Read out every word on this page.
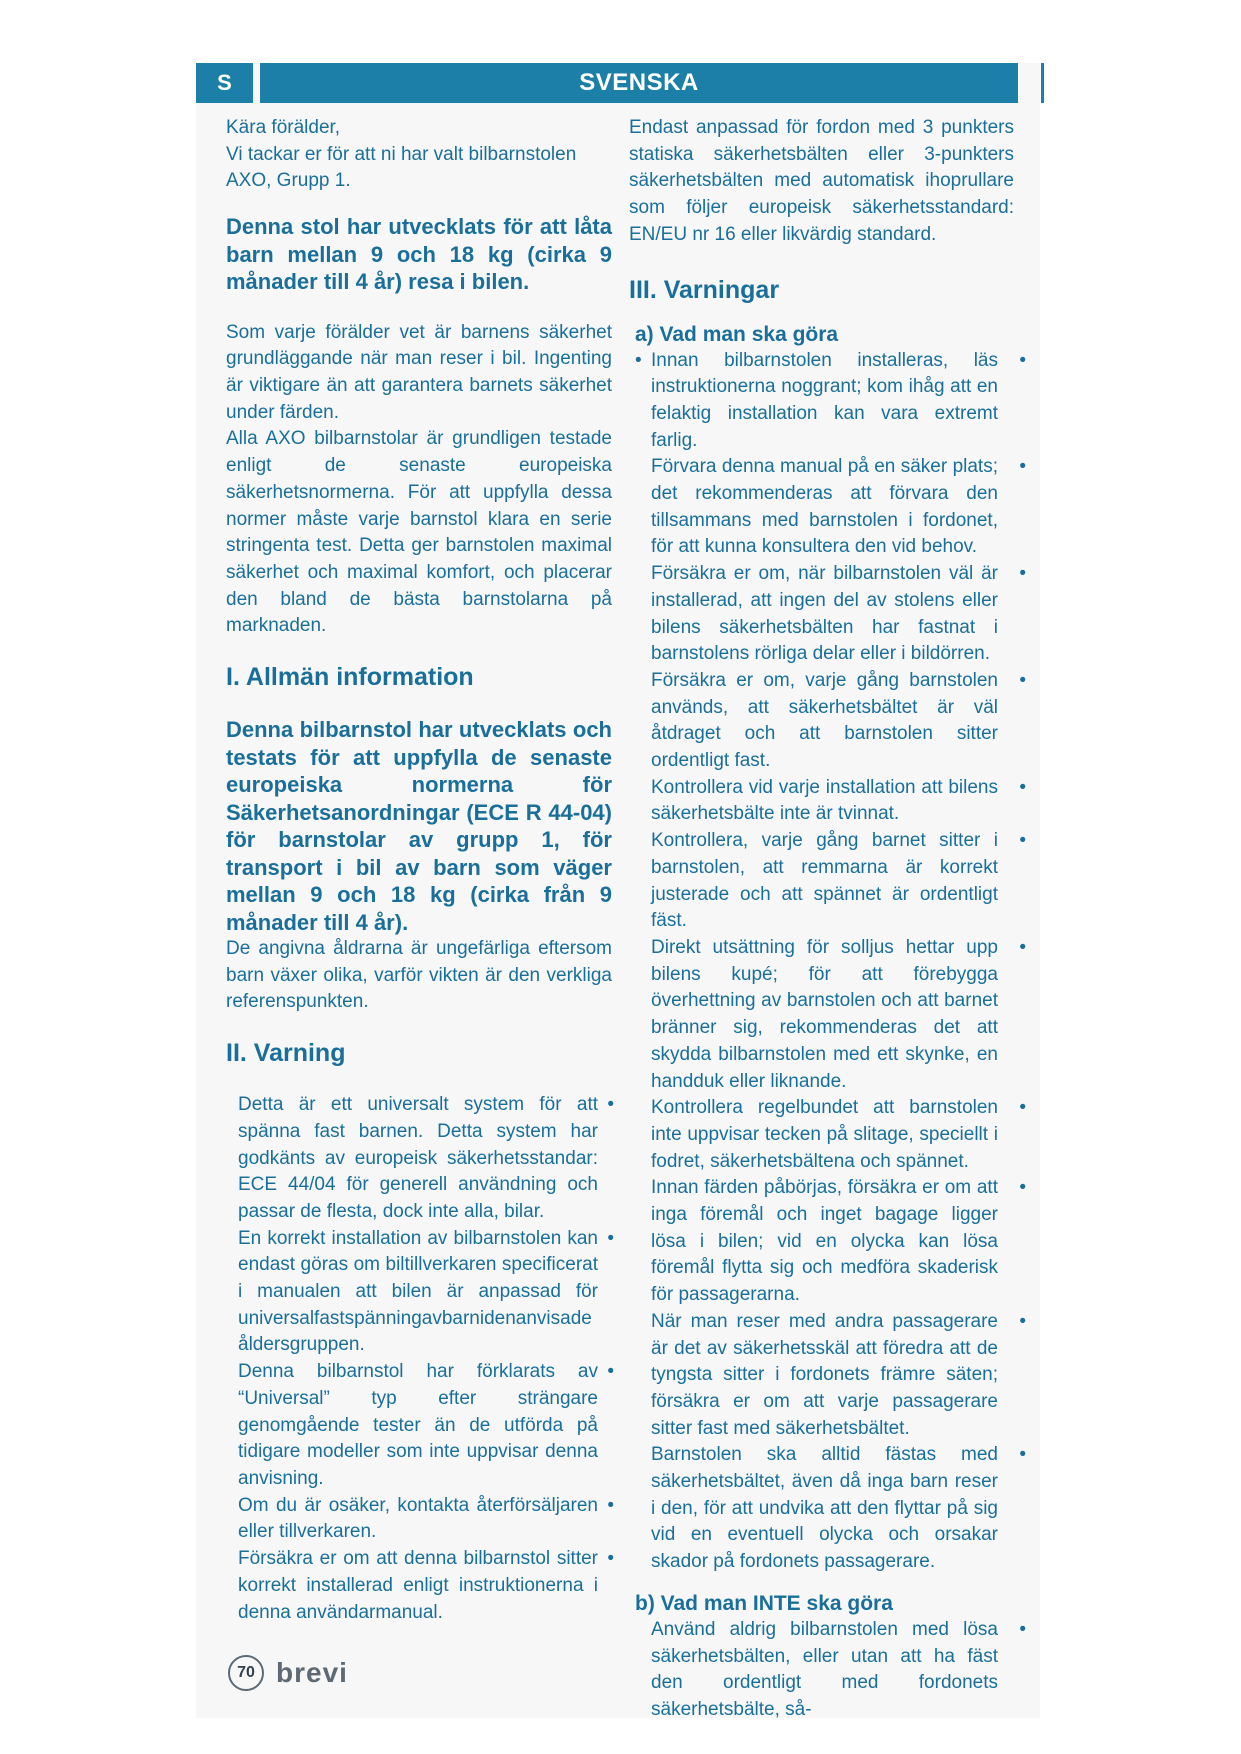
S	SVENSKA

Kära förälder,

Vi tackar er för att ni har valt bilbarnstolen AXO, Grupp 1.

Denna stol har utvecklats för att låta barn mellan 9 och 18 kg (cirka 9 månader till 4 år) resa i bilen.

Som varje förälder vet är barnens säkerhet grundläggande när man reser i bil. Ingenting är viktigare än att garantera barnets säkerhet under färden.

Alla AXO bilbarnstolar är grundligen testade enligt de senaste europeiska säkerhetsnormerna. För att uppfylla dessa normer måste varje barnstol klara en serie stringenta test. Detta ger barnstolen maximal säkerhet och maximal komfort, och placerar den bland de bästa barnstolarna på marknaden.

I. Allmän information

Denna bilbarnstol har utvecklats och testats för att uppfylla de senaste europeiska normerna för Säkerhetsanordningar (ECE R 44-04) för barnstolar av grupp 1, för transport i bil av barn som väger mellan 9 och 18 kg (cirka från 9 månader till 4 år).

De angivna åldrarna är ungefärliga eftersom barn växer olika, varför vikten är den verkliga referenspunkten.

II. Varning
Detta är ett universalt system för att spänna fast barnen. Detta system har godkänts av europeisk säkerhetsstandar: ECE 44/04 för generell användning och passar de flesta, dock inte alla, bilar. •
En korrekt installation av bilbarnstolen kan endast göras om biltillverkaren specificerat i manualen att bilen är anpassad för universalfastspänningavbarnidenanvisade åldersgruppen. •
Denna bilbarnstol har förklarats av “Universal” typ efter strängare genomgående tester än de utförda på tidigare modeller som inte uppvisar denna anvisning. •
Om du är osäker, kontakta återförsäljaren eller tillverkaren. •
Försäkra er om att denna bilbarnstol sitter korrekt installerad enligt instruktionerna i denna användarmanual. •

Endast anpassad för fordon med 3 punkters statiska säkerhetsbälten eller 3-punkters säkerhetsbälten med automatisk ihoprullare som följer europeisk säkerhetsstandard: EN/EU nr 16 eller likvärdig standard.

III. Varningar
a) Vad man ska göra
• Innan bilbarnstolen installeras, läs instruktionerna noggrant; kom ihåg att en felaktig installation kan vara extremt farlig. •
Förvara denna manual på en säker plats; det rekommenderas att förvara den tillsammans med barnstolen i fordonet, för att kunna konsultera den vid behov. •
Försäkra er om, när bilbarnstolen väl är installerad, att ingen del av stolens eller bilens säkerhetsbälten har fastnat i barnstolens rörliga delar eller i bildörren. •
Försäkra er om, varje gång barnstolen används, att säkerhetsbältet är väl åtdraget och att barnstolen sitter ordentligt fast. •
Kontrollera vid varje installation att bilens säkerhetsbälte inte är tvinnat. •
Kontrollera, varje gång barnet sitter i barnstolen, att remmarna är korrekt justerade och att spännet är ordentligt fäst. •
Direkt utsättning för solljus hettar upp bilens kupé; för att förebygga överhettning av barnstolen och att barnet bränner sig, rekommenderas det att skydda bilbarnstolen med ett skynke, en handduk eller liknande. •
Kontrollera regelbundet att barnstolen inte uppvisar tecken på slitage, speciellt i fodret, säkerhetsbältena och spännet. •
Innan färden påbörjas, försäkra er om att inga föremål och inget bagage ligger lösa i bilen; vid en olycka kan lösa föremål flytta sig och medföra skaderisk för passagerarna. •
När man reser med andra passagerare är det av säkerhetsskäl att föredra att de tyngsta sitter i fordonets främre säten; försäkra er om att varje passagerare sitter fast med säkerhetsbältet. •
Barnstolen ska alltid fästas med säkerhetsbältet, även då inga barn reser i den, för att undvika att den flyttar på sig vid en eventuell olycka och orsakar skador på fordonets passagerare. •
b) Vad man INTE ska göra
Använd aldrig bilbarnstolen med lösa säkerhetsbälten, eller utan att ha fäst den ordentligt med fordonets säkerhetsbälte, så- •
70 brevi
